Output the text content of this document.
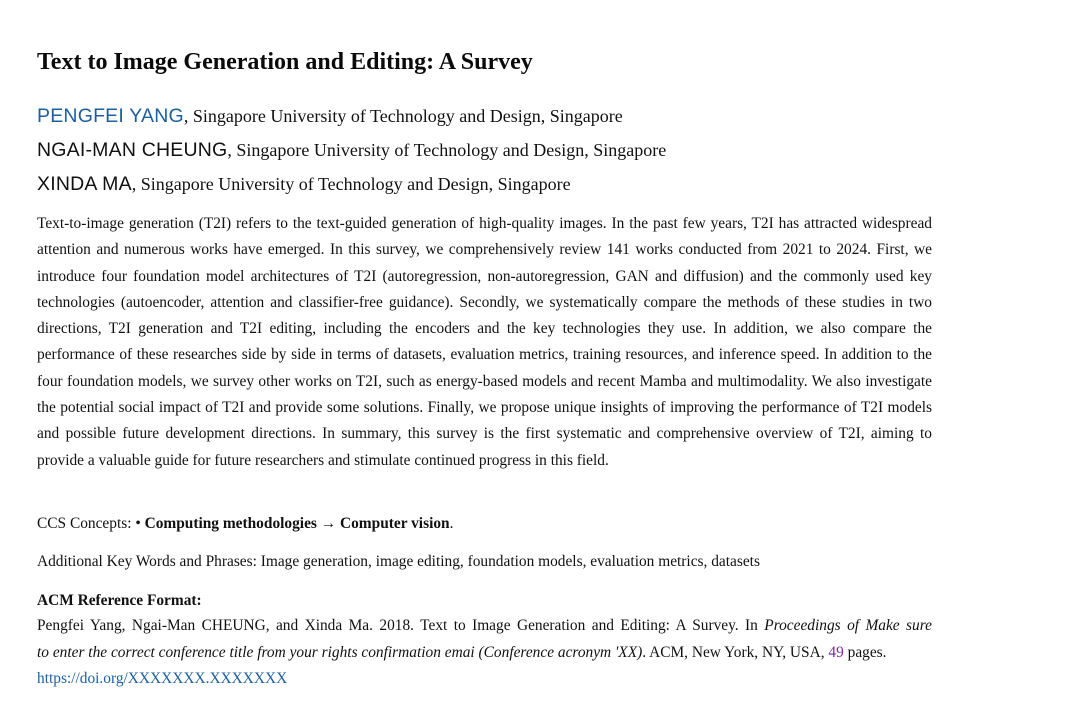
Text to Image Generation and Editing: A Survey
PENGFEI YANG, Singapore University of Technology and Design, Singapore
NGAI-MAN CHEUNG, Singapore University of Technology and Design, Singapore
XINDA MA, Singapore University of Technology and Design, Singapore

Text-to-image generation (T2I) refers to the text-guided generation of high-quality images. In the past few years, T2I has attracted widespread attention and numerous works have emerged. In this survey, we comprehensively review 141 works conducted from 2021 to 2024. First, we introduce four foundation model architectures of T2I (autoregression, non-autoregression, GAN and diffusion) and the commonly used key technologies (autoencoder, attention and classifier-free guidance). Secondly, we systematically compare the methods of these studies in two directions, T2I generation and T2I editing, including the encoders and the key technologies they use. In addition, we also compare the performance of these researches side by side in terms of datasets, evaluation metrics, training resources, and inference speed. In addition to the four foundation models, we survey other works on T2I, such as energy-based models and recent Mamba and multimodality. We also investigate the potential social impact of T2I and provide some solutions. Finally, we propose unique insights of improving the performance of T2I models and possible future development directions. In summary, this survey is the first systematic and comprehensive overview of T2I, aiming to provide a valuable guide for future researchers and stimulate continued progress in this field.

CCS Concepts: • Computing methodologies → Computer vision.
Additional Key Words and Phrases: Image generation, image editing, foundation models, evaluation metrics, datasets
ACM Reference Format:
Pengfei Yang, Ngai-Man CHEUNG, and Xinda Ma. 2018. Text to Image Generation and Editing: A Survey. In Proceedings of Make sure
to enter the correct conference title from your rights confirmation emai (Conference acronym 'XX). ACM, New York, NY, USA, 49 pages.
https://doi.org/XXXXXXX.XXXXXXX
